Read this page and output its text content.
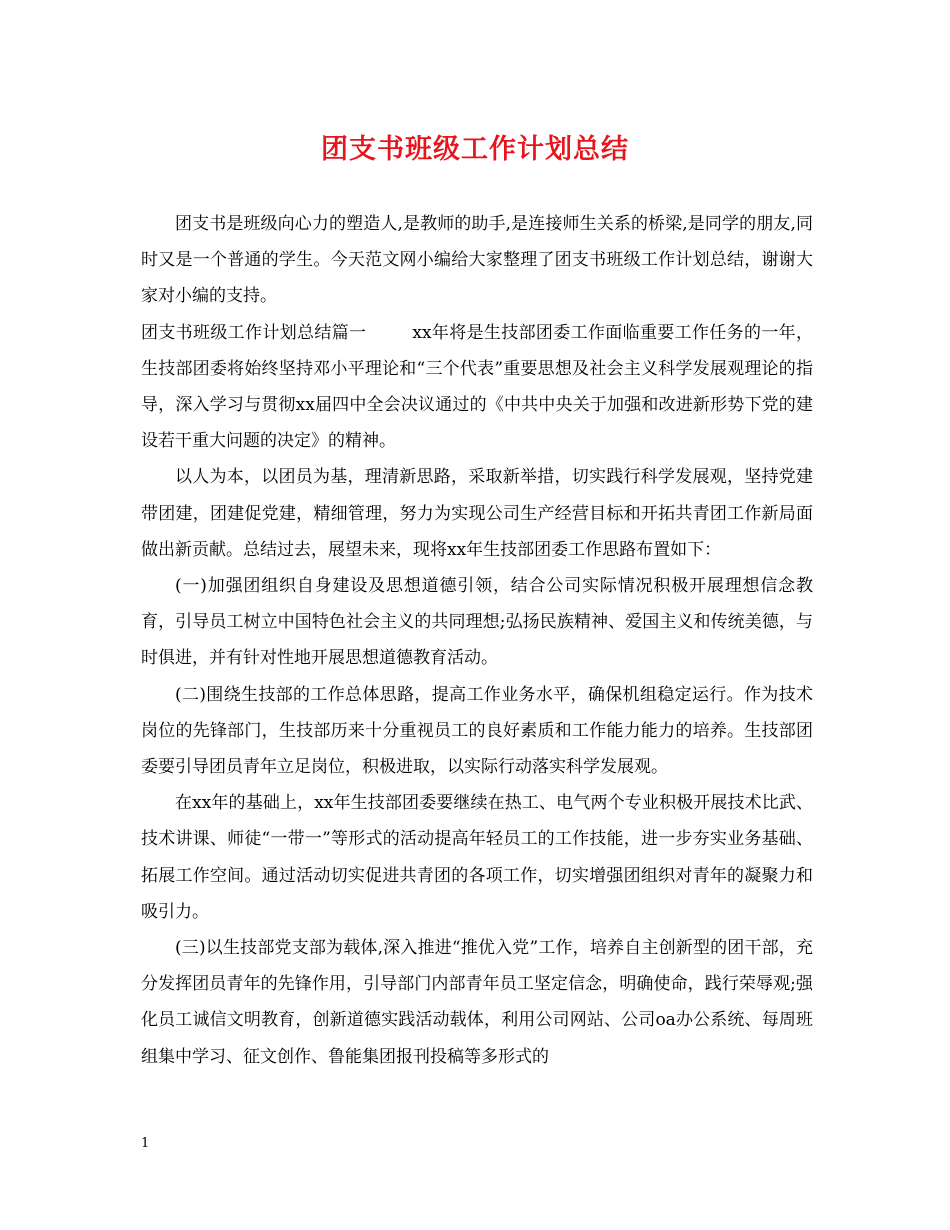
团支书班级工作计划总结

团支书是班级向心力的塑造人,是教师的助手,是连接师生关系的桥梁,是同学的朋友,同时又是一个普通的学生。今天范文网小编给大家整理了团支书班级工作计划总结，谢谢大家对小编的支持。

团支书班级工作计划总结篇一	xx年将是生技部团委工作面临重要工作任务的一年，生技部团委将始终坚持邓小平理论和“三个代表”重要思想及社会主义科学发展观理论的指导，深入学习与贯彻xx届四中全会决议通过的《中共中央关于加强和改进新形势下党的建设若干重大问题的决定》的精神。

以人为本，以团员为基，理清新思路，采取新举措，切实践行科学发展观，坚持党建带团建，团建促党建，精细管理，努力为实现公司生产经营目标和开拓共青团工作新局面做出新贡献。总结过去，展望未来，现将xx年生技部团委工作思路布置如下：

(一)加强团组织自身建设及思想道德引领，结合公司实际情况积极开展理想信念教育，引导员工树立中国特色社会主义的共同理想;弘扬民族精神、爱国主义和传统美德，与时俱进，并有针对性地开展思想道德教育活动。

(二)围绕生技部的工作总体思路，提高工作业务水平，确保机组稳定运行。作为技术岗位的先锋部门，生技部历来十分重视员工的良好素质和工作能力能力的培养。生技部团委要引导团员青年立足岗位，积极进取，以实际行动落实科学发展观。

在xx年的基础上，xx年生技部团委要继续在热工、电气两个专业积极开展技术比武、技术讲课、师徒“一带一”等形式的活动提高年轻员工的工作技能，进一步夯实业务基础、拓展工作空间。通过活动切实促进共青团的各项工作，切实增强团组织对青年的凝聚力和吸引力。

(三)以生技部党支部为载体,深入推进“推优入党”工作，培养自主创新型的团干部，充分发挥团员青年的先锋作用，引导部门内部青年员工坚定信念，明确使命，践行荣辱观;强化员工诚信文明教育，创新道德实践活动载体，利用公司网站、公司oa办公系统、每周班组集中学习、征文创作、鲁能集团报刊投稿等多形式的

1
